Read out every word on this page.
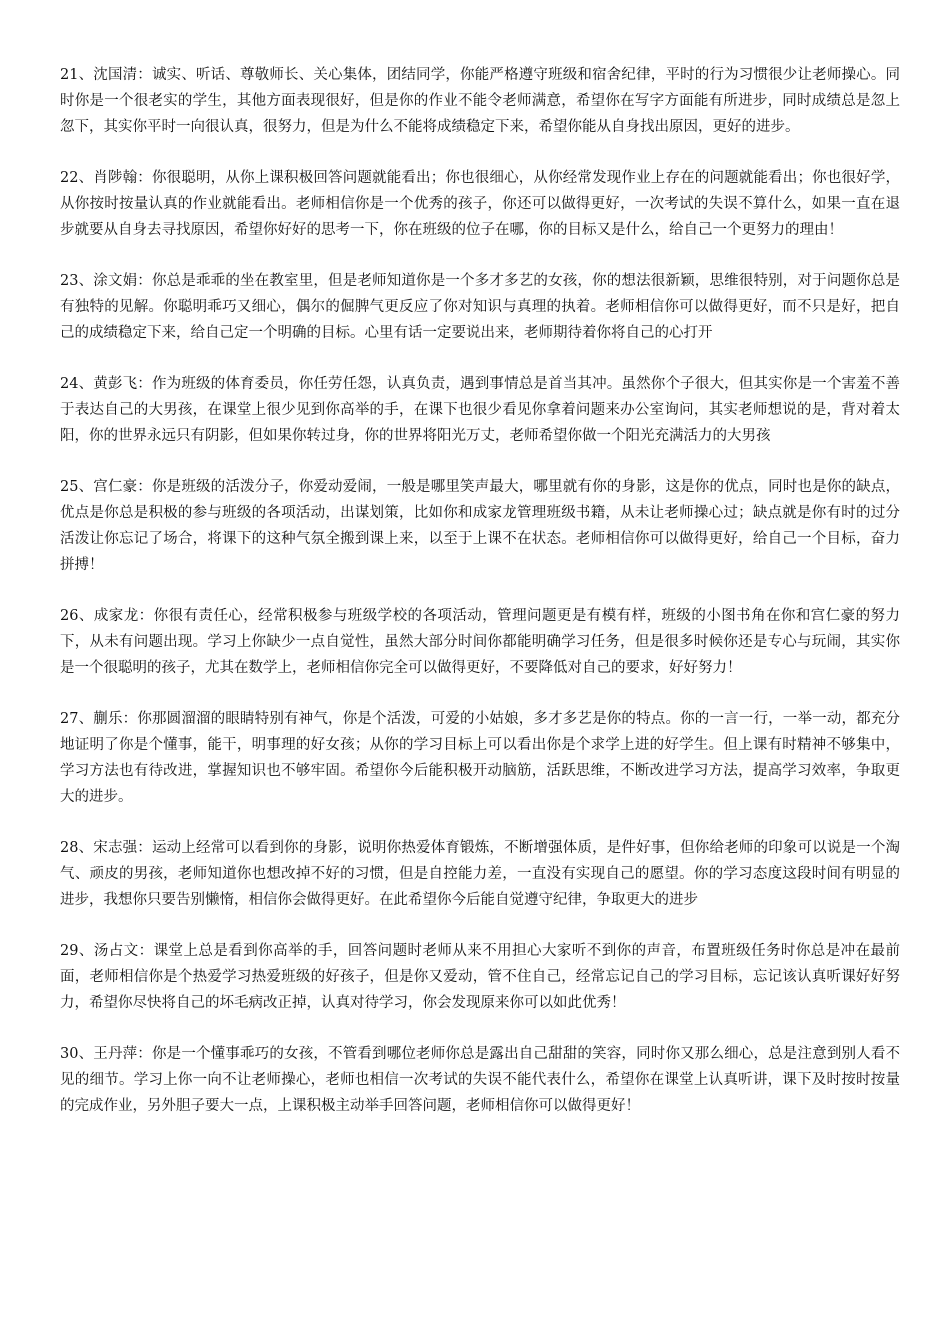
21、沈国清：诚实、听话、尊敬师长、关心集体，团结同学，你能严格遵守班级和宿舍纪律，平时的行为习惯很少让老师操心。同时你是一个很老实的学生，其他方面表现很好，但是你的作业不能令老师满意，希望你在写字方面能有所进步，同时成绩总是忽上忽下，其实你平时一向很认真，很努力，但是为什么不能将成绩稳定下来，希望你能从自身找出原因，更好的进步。

22、肖陟翰：你很聪明，从你上课积极回答问题就能看出；你也很细心，从你经常发现作业上存在的问题就能看出；你也很好学，从你按时按量认真的作业就能看出。老师相信你是一个优秀的孩子，你还可以做得更好，一次考试的失误不算什么，如果一直在退步就要从自身去寻找原因，希望你好好的思考一下，你在班级的位子在哪，你的目标又是什么，给自己一个更努力的理由！

23、涂文娟：你总是乖乖的坐在教室里，但是老师知道你是一个多才多艺的女孩，你的想法很新颖，思维很特别，对于问题你总是有独特的见解。你聪明乖巧又细心，偶尔的倔脾气更反应了你对知识与真理的执着。老师相信你可以做得更好，而不只是好，把自己的成绩稳定下来，给自己定一个明确的目标。心里有话一定要说出来，老师期待着你将自己的心打开

24、黄彭飞：作为班级的体育委员，你任劳任怨，认真负责，遇到事情总是首当其冲。虽然你个子很大，但其实你是一个害羞不善于表达自己的大男孩，在课堂上很少见到你高举的手，在课下也很少看见你拿着问题来办公室询问，其实老师想说的是，背对着太阳，你的世界永远只有阴影，但如果你转过身，你的世界将阳光万丈，老师希望你做一个阳光充满活力的大男孩

25、宫仁豪：你是班级的活泼分子，你爱动爱闹，一般是哪里笑声最大，哪里就有你的身影，这是你的优点，同时也是你的缺点，优点是你总是积极的参与班级的各项活动，出谋划策，比如你和成家龙管理班级书籍，从未让老师操心过；缺点就是你有时的过分活泼让你忘记了场合，将课下的这种气氛全搬到课上来，以至于上课不在状态。老师相信你可以做得更好，给自己一个目标，奋力拼搏！

26、成家龙：你很有责任心，经常积极参与班级学校的各项活动，管理问题更是有模有样，班级的小图书角在你和宫仁豪的努力下，从未有问题出现。学习上你缺少一点自觉性，虽然大部分时间你都能明确学习任务，但是很多时候你还是专心与玩闹，其实你是一个很聪明的孩子，尤其在数学上，老师相信你完全可以做得更好，不要降低对自己的要求，好好努力！

27、蒯乐：你那圆溜溜的眼睛特别有神气，你是个活泼，可爱的小姑娘，多才多艺是你的特点。你的一言一行，一举一动，都充分地证明了你是个懂事，能干，明事理的好女孩；从你的学习目标上可以看出你是个求学上进的好学生。但上课有时精神不够集中，学习方法也有待改进，掌握知识也不够牢固。希望你今后能积极开动脑筋，活跃思维，不断改进学习方法，提高学习效率，争取更大的进步。

28、宋志强：运动上经常可以看到你的身影，说明你热爱体育锻炼，不断增强体质，是件好事，但你给老师的印象可以说是一个淘气、顽皮的男孩，老师知道你也想改掉不好的习惯，但是自控能力差，一直没有实现自己的愿望。你的学习态度这段时间有明显的进步，我想你只要告别懒惰，相信你会做得更好。在此希望你今后能自觉遵守纪律，争取更大的进步

29、汤占文：课堂上总是看到你高举的手，回答问题时老师从来不用担心大家听不到你的声音，布置班级任务时你总是冲在最前面，老师相信你是个热爱学习热爱班级的好孩子，但是你又爱动，管不住自己，经常忘记自己的学习目标，忘记该认真听课好好努力，希望你尽快将自己的坏毛病改正掉，认真对待学习，你会发现原来你可以如此优秀！

30、王丹萍：你是一个懂事乖巧的女孩，不管看到哪位老师你总是露出自己甜甜的笑容，同时你又那么细心，总是注意到别人看不见的细节。学习上你一向不让老师操心，老师也相信一次考试的失误不能代表什么，希望你在课堂上认真听讲，课下及时按时按量的完成作业，另外胆子要大一点，上课积极主动举手回答问题，老师相信你可以做得更好！
